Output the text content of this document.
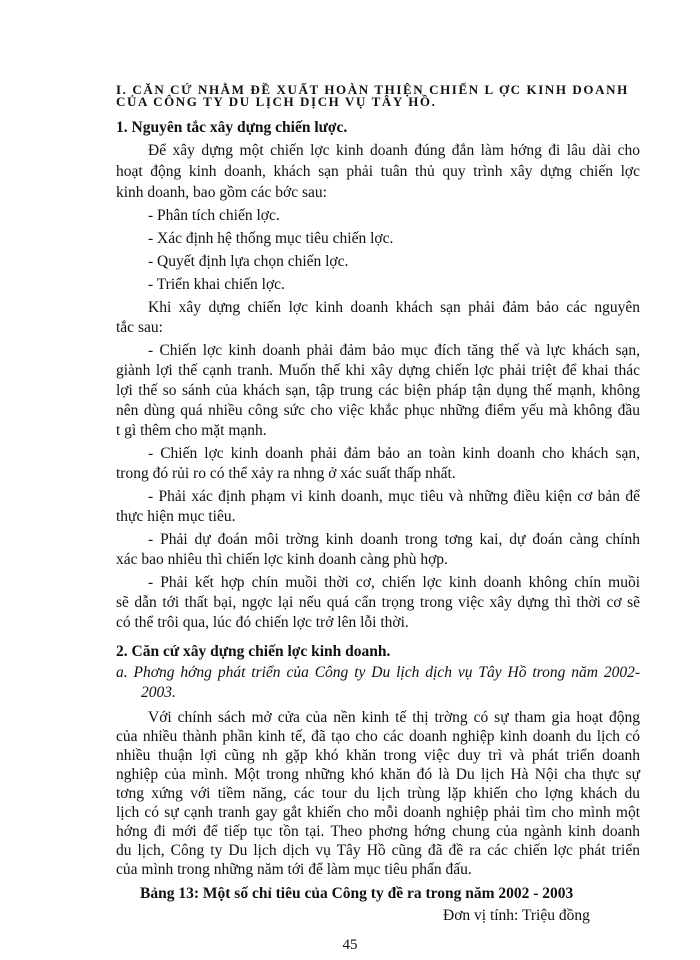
I. CĂN CỨ NHẰM ĐỀ XUẤT HOÀN THIỆN CHIẾN L ỢC KINH DOANH
CỦA CÔNG TY DU LỊCH DỊCH VỤ TÂY HỒ.
1. Nguyên tắc xây dựng chiến lược.
Để xây dựng một chiến lợc kinh doanh đúng đắn làm hớng đi lâu dài cho
hoạt động kinh doanh, khách sạn phải tuân thủ quy trình xây dựng chiến lợc
kinh doanh, bao gồm các bớc sau:
- Phân tích chiến lợc.
- Xác định hệ thống mục tiêu chiến lợc.
- Quyết định lựa chọn chiến lợc.
- Triển khai chiến lợc.
Khi xây dựng chiến lợc kinh doanh khách sạn phải đảm bảo các nguyên
tắc sau:
- Chiến lợc kinh doanh phải đảm bảo mục đích tăng thế và lực khách sạn,
giành lợi thế cạnh tranh. Muốn thế khi xây dựng chiến lợc phải triệt để khai thác
lợi thế so sánh của khách sạn, tập trung các biện pháp tận dụng thế mạnh, không
nên dùng quá nhiều công sức cho việc khắc phục những điểm yếu mà không đầu
t gì thêm cho mặt mạnh.
- Chiến lợc kinh doanh phải đảm bảo an toàn kinh doanh cho khách sạn,
trong đó rủi ro có thể xảy ra nhng ở xác suất thấp nhất.
- Phải xác định phạm vi kinh doanh, mục tiêu và những điều kiện cơ bản để
thực hiện mục tiêu.
- Phải dự đoán môi trờng kinh doanh trong tơng kai, dự đoán càng chính
xác bao nhiêu thì chiến lợc kinh doanh càng phù hợp.
- Phải kết hợp chín muồi thời cơ, chiến lợc kinh doanh không chín muồi
sẽ dẫn tới thất bại, ngợc lại nếu quá cẩn trọng trong việc xây dựng thì thời cơ sẽ
có thể trôi qua, lúc đó chiến lợc trở lên lỗi thời.
2. Căn cứ xây dựng chiến lợc kinh doanh.
a. Phơng hớng phát triển của Công ty Du lịch dịch vụ Tây Hồ trong năm 2002-
2003.
Với chính sách mở cửa của nền kinh tế thị trờng có sự tham gia hoạt động
của nhiều thành phần kinh tế, đã tạo cho các doanh nghiệp kinh doanh du lịch có
nhiều thuận lợi cũng nh gặp khó khăn trong việc duy trì và phát triển doanh
nghiệp của mình. Một trong những khó khăn đó là Du lịch Hà Nội cha thực sự
tơng xứng với tiềm năng, các tour du lịch trùng lặp khiến cho lợng khách du
lịch có sự cạnh tranh gay gắt khiến cho mỗi doanh nghiệp phải tìm cho mình một
hớng đi mới để tiếp tục tồn tại. Theo phơng hớng chung của ngành kinh doanh
du lịch, Công ty Du lịch dịch vụ Tây Hồ cũng đã đề ra các chiến lợc phát triển
của mình trong những năm tới để làm mục tiêu phấn đấu.
Bảng 13: Một số chỉ tiêu của Công ty đề ra trong năm 2002 - 2003
Đơn vị tính: Triệu đồng
45
